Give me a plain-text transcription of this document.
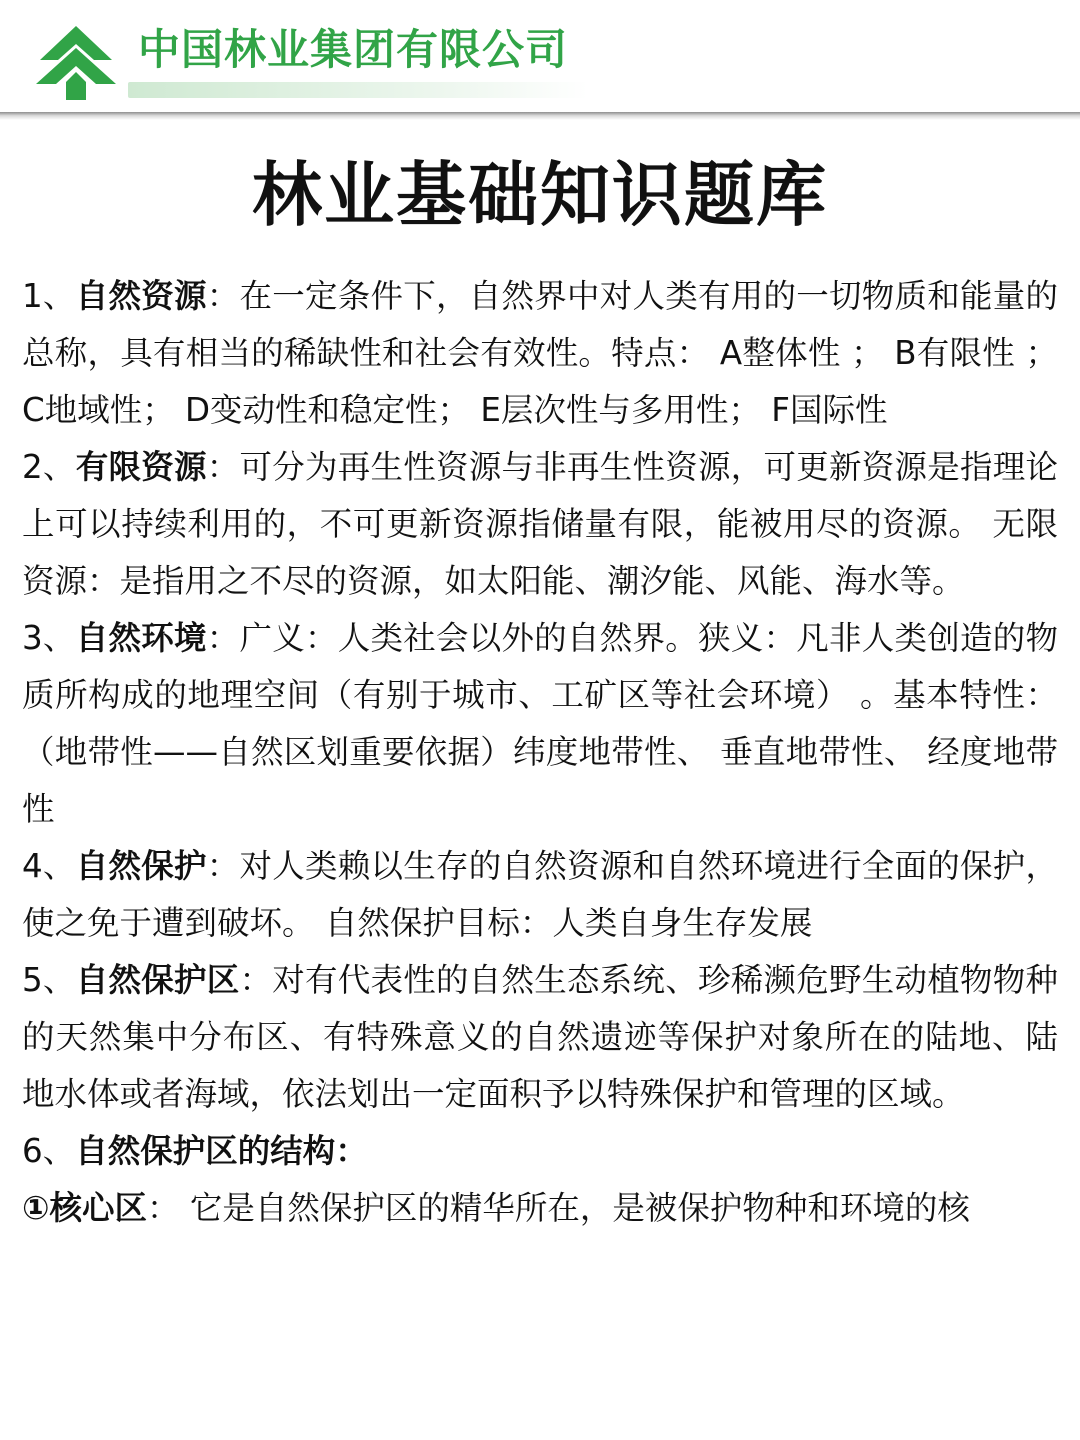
中国林业集团有限公司
林业基础知识题库

1、自然资源：在一定条件下，自然界中对人类有用的一切物质和能量的总称，具有相当的稀缺性和社会有效性。特点： A整体性 ； B有限性 ； C地域性； D变动性和稳定性； E层次性与多用性； F国际性

2、有限资源：可分为再生性资源与非再生性资源，可更新资源是指理论上可以持续利用的，不可更新资源指储量有限，能被用尽的资源。 无限资源：是指用之不尽的资源，如太阳能、潮汐能、风能、海水等。

3、自然环境：广义：人类社会以外的自然界。狭义：凡非人类创造的物质所构成的地理空间（有别于城市、工矿区等社会环境） 。基本特性： （地带性——自然区划重要依据）纬度地带性、 垂直地带性、 经度地带性

4、自然保护：对人类赖以生存的自然资源和自然环境进行全面的保护，使之免于遭到破坏。 自然保护目标：人类自身生存发展

5、自然保护区：对有代表性的自然生态系统、珍稀濒危野生动植物物种的天然集中分布区、有特殊意义的自然遗迹等保护对象所在的陆地、陆地水体或者海域，依法划出一定面积予以特殊保护和管理的区域。

6、自然保护区的结构：

①核心区： 它是自然保护区的精华所在，是被保护物种和环境的核
